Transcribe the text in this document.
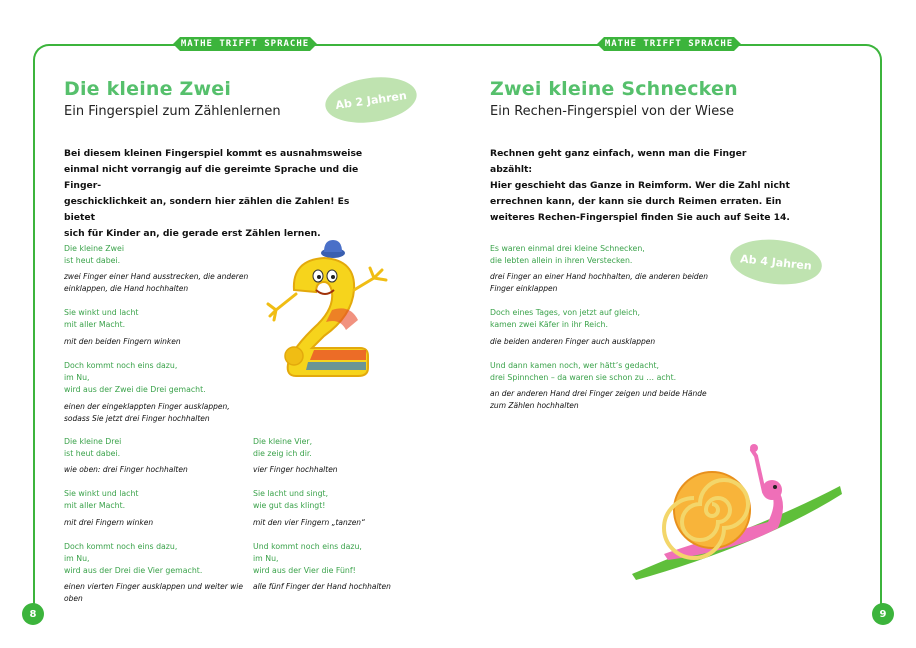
MATHE TRIFFT SPRACHE	MATHE TRIFFT SPRACHE
Die kleine Zwei
Ein Fingerspiel zum Zählenlernen
Ab 2 Jahren
Bei diesem kleinen Fingerspiel kommt es ausnahmsweise
einmal nicht vorrangig auf die gereimte Sprache und die Finger-
geschicklichkeit an, sondern hier zählen die Zahlen! Es bietet
sich für Kinder an, die gerade erst Zählen lernen.
Die kleine Zwei
ist heut dabei.
zwei Finger einer Hand ausstrecken, die anderen
einklappen, die Hand hochhalten
Sie winkt und lacht
mit aller Macht.
mit den beiden Fingern winken
Doch kommt noch eins dazu,
im Nu,
wird aus der Zwei die Drei gemacht.
einen der eingeklappten Finger ausklappen,
sodass Sie jetzt drei Finger hochhalten
Die kleine Drei
ist heut dabei.
wie oben: drei Finger hochhalten
Sie winkt und lacht
mit aller Macht.
mit drei Fingern winken
Doch kommt noch eins dazu,
im Nu,
wird aus der Drei die Vier gemacht.
einen vierten Finger ausklappen und weiter wie
oben
Die kleine Vier,
die zeig ich dir.
vier Finger hochhalten
Sie lacht und singt,
wie gut das klingt!
mit den vier Fingern „tanzen“
Und kommt noch eins dazu,
im Nu,
wird aus der Vier die Fünf!
alle fünf Finger der Hand hochhalten
8
Zwei kleine Schnecken
Ein Rechen-Fingerspiel von der Wiese
Ab 4 Jahren
Rechnen geht ganz einfach, wenn man die Finger abzählt:
Hier geschieht das Ganze in Reimform. Wer die Zahl nicht
errechnen kann, der kann sie durch Reimen erraten. Ein
weiteres Rechen-Fingerspiel finden Sie auch auf Seite 14.
Es waren einmal drei kleine Schnecken,
die lebten allein in ihren Verstecken.
drei Finger an einer Hand hochhalten, die anderen beiden
Finger einklappen
Doch eines Tages, von jetzt auf gleich,
kamen zwei Käfer in ihr Reich.
die beiden anderen Finger auch ausklappen
Und dann kamen noch, wer hätt’s gedacht,
drei Spinnchen – da waren sie schon zu … acht.
an der anderen Hand drei Finger zeigen und beide Hände
zum Zählen hochhalten
9
